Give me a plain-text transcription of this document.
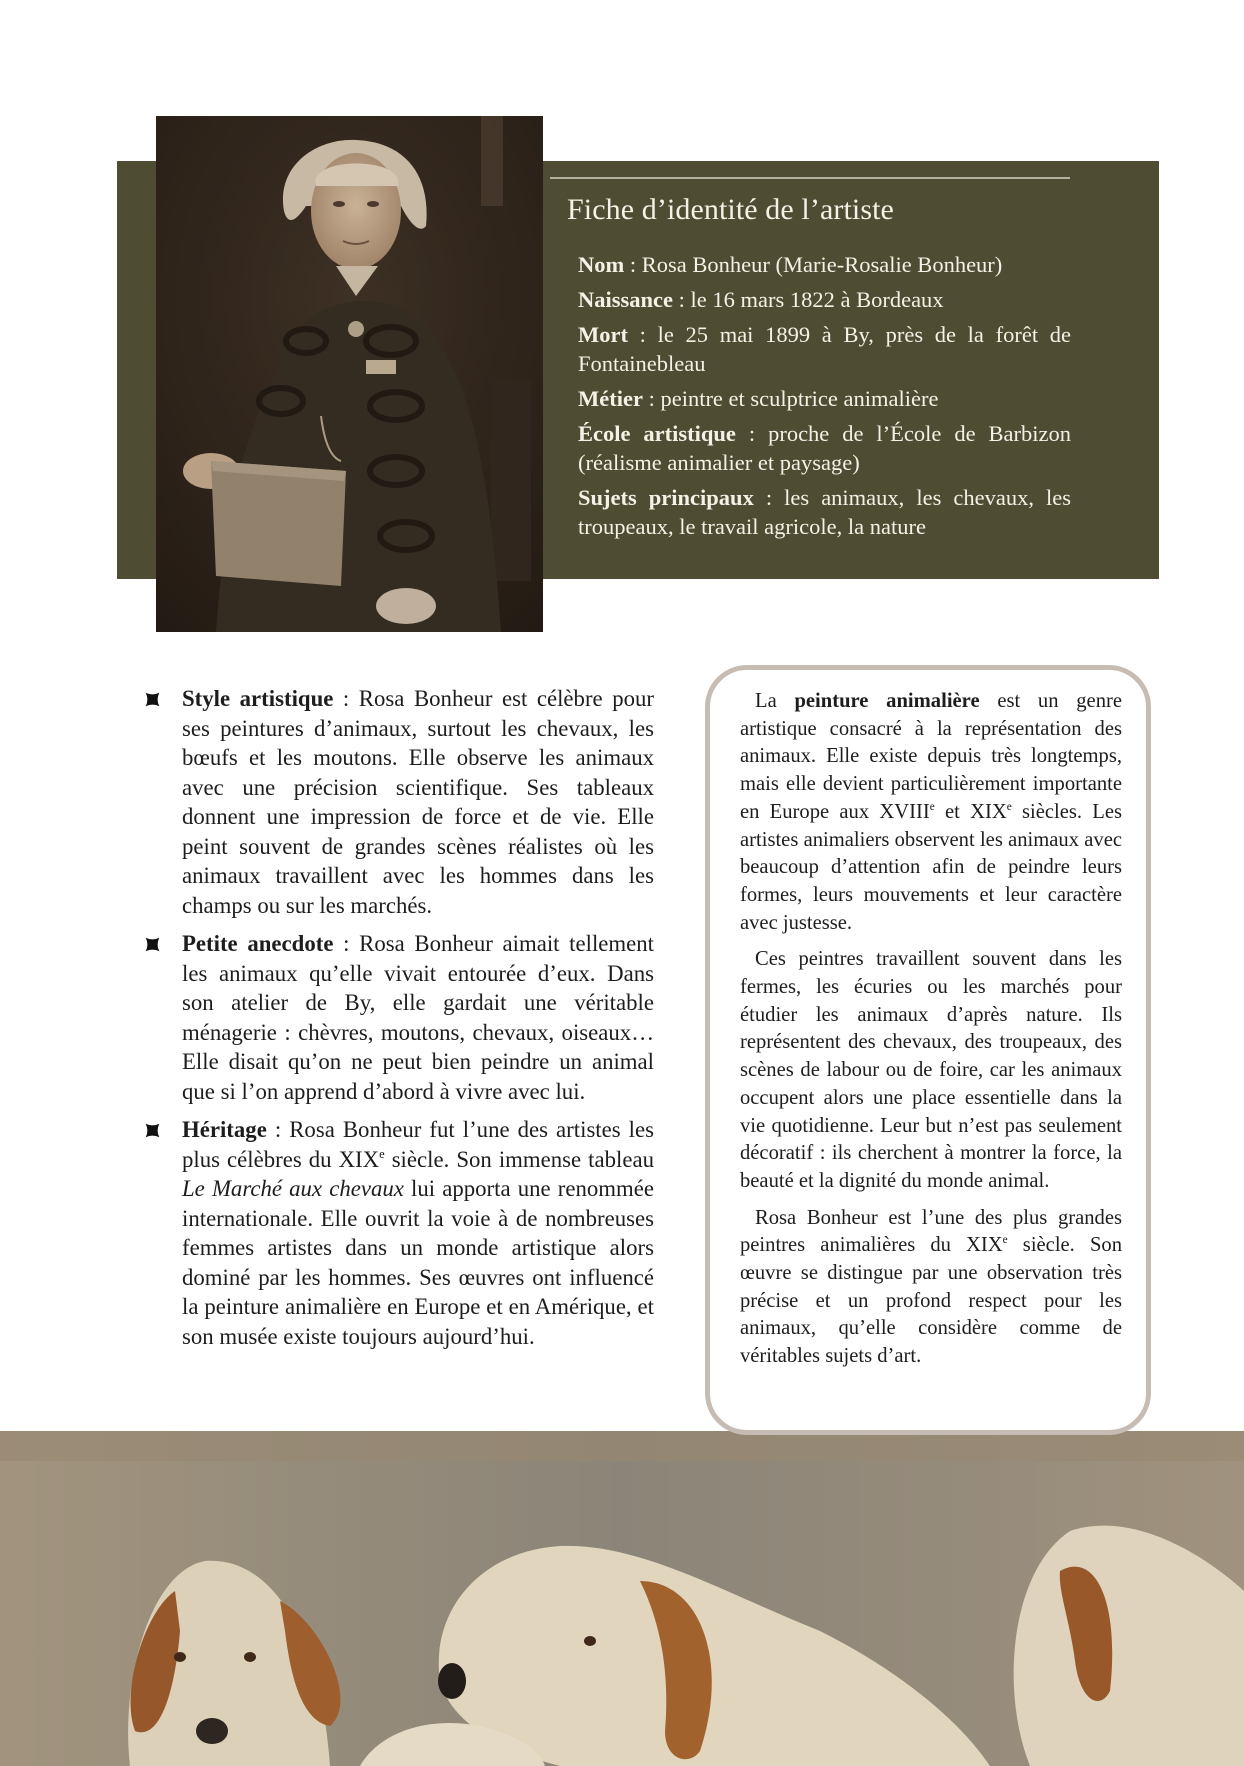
Fiche d’identité de l’artiste
Nom : Rosa Bonheur (Marie-Rosalie Bonheur)
Naissance : le 16 mars 1822 à Bordeaux
Mort : le 25 mai 1899 à By, près de la forêt de Fontainebleau
Métier : peintre et sculptrice animalière
École artistique : proche de l’École de Barbizon (réalisme animalier et paysage)
Sujets principaux : les animaux, les chevaux, les troupeaux, le travail agricole, la nature
Style artistique : Rosa Bonheur est célèbre pour ses peintures d’animaux, surtout les chevaux, les bœufs et les moutons. Elle observe les animaux avec une précision scientifique. Ses tableaux donnent une impression de force et de vie. Elle peint souvent de grandes scènes réalistes où les animaux travaillent avec les hommes dans les champs ou sur les marchés.
Petite anecdote : Rosa Bonheur aimait tellement les animaux qu’elle vivait entourée d’eux. Dans son atelier de By, elle gardait une véritable ménagerie : chèvres, moutons, chevaux, oiseaux… Elle disait qu’on ne peut bien peindre un animal que si l’on apprend d’abord à vivre avec lui.
Héritage : Rosa Bonheur fut l’une des artistes les plus célèbres du XIXe siècle. Son immense tableau Le Marché aux chevaux lui apporta une renommée internationale. Elle ouvrit la voie à de nombreuses femmes artistes dans un monde artistique alors dominé par les hommes. Ses œuvres ont influencé la peinture animalière en Europe et en Amérique, et son musée existe toujours aujourd’hui.

La peinture animalière est un genre artistique consacré à la représentation des animaux. Elle existe depuis très longtemps, mais elle devient particulièrement importante en Europe aux XVIIIe et XIXe siècles. Les artistes animaliers observent les animaux avec beaucoup d’attention afin de peindre leurs formes, leurs mouvements et leur caractère avec justesse.

Ces peintres travaillent souvent dans les fermes, les écuries ou les marchés pour étudier les animaux d’après nature. Ils représentent des chevaux, des troupeaux, des scènes de labour ou de foire, car les animaux occupent alors une place essentielle dans la vie quotidienne. Leur but n’est pas seulement décoratif : ils cherchent à montrer la force, la beauté et la dignité du monde animal.

Rosa Bonheur est l’une des plus grandes peintres animalières du XIXe siècle. Son œuvre se distingue par une observation très précise et un profond respect pour les animaux, qu’elle considère comme de véritables sujets d’art.
